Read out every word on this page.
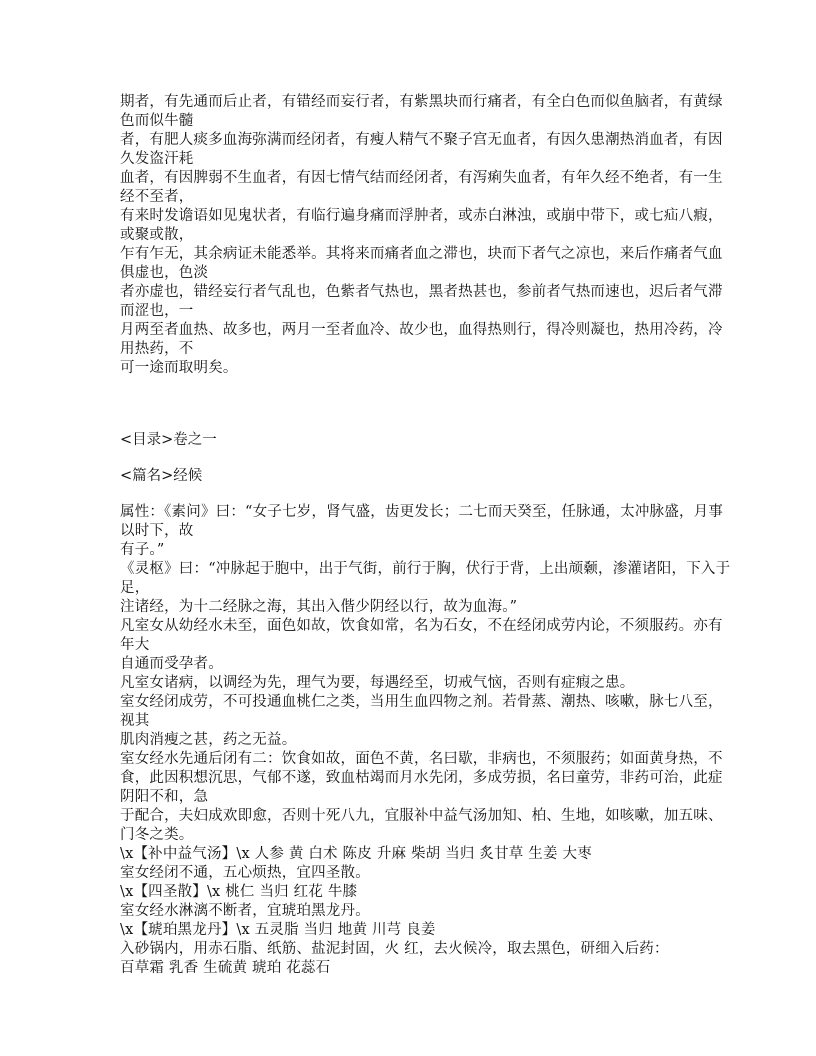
期者，有先通而后止者，有错经而妄行者，有紫黑块而行痛者，有全白色而似鱼脑者，有黄绿
色而似牛髓
者，有肥人痰多血海弥满而经闭者，有瘦人精气不聚子宫无血者，有因久患潮热消血者，有因
久发盗汗耗
血者，有因脾弱不生血者，有因七情气结而经闭者，有泻痢失血者，有年久经不绝者，有一生
经不至者，
有来时发谵语如见鬼状者，有临行遍身痛而浮肿者，或赤白淋浊，或崩中带下，或七疝八瘕，
或聚或散，
乍有乍无，其余病证未能悉举。其将来而痛者血之滞也，块而下者气之凉也，来后作痛者气血
俱虚也，色淡
者亦虚也，错经妄行者气乱也，色紫者气热也，黑者热甚也，参前者气热而速也，迟后者气滞
而涩也，一
月两至者血热、故多也，两月一至者血冷、故少也，血得热则行，得冷则凝也，热用冷药，冷
用热药，不
可一途而取明矣。
<目录>卷之一
<篇名>经候
属性：《素问》曰：“女子七岁，肾气盛，齿更发长；二七而天癸至，任脉通，太冲脉盛，月事
以时下，故
有子。”
《灵枢》曰：“冲脉起于胞中，出于气街，前行于胸，伏行于背，上出颃颡，渗灌诸阳，下入于
足，
注诸经，为十二经脉之海，其出入偕少阴经以行，故为血海。”
凡室女从幼经水未至，面色如故，饮食如常，名为石女，不在经闭成劳内论，不须服药。亦有
年大
自通而受孕者。
凡室女诸病，以调经为先，理气为要，每遇经至，切戒气恼，否则有症瘕之患。
室女经闭成劳，不可投通血桃仁之类，当用生血四物之剂。若骨蒸、潮热、咳嗽，脉七八至，
视其
肌肉消瘦之甚，药之无益。
室女经水先通后闭有二：饮食如故，面色不黄，名曰歇，非病也，不须服药；如面黄身热，不
食，此因积想沉思，气郁不遂，致血枯竭而月水先闭，多成劳损，名曰童劳，非药可治，此症
阴阳不和，急
于配合，夫妇成欢即愈，否则十死八九，宜服补中益气汤加知、柏、生地，如咳嗽，加五味、
门冬之类。
\x【补中益气汤】\x 人参 黄 白术 陈皮 升麻 柴胡 当归 炙甘草 生姜 大枣
室女经闭不通，五心烦热，宜四圣散。
\x【四圣散】\x 桃仁 当归 红花 牛膝
室女经水淋漓不断者，宜琥珀黑龙丹。
\x【琥珀黑龙丹】\x 五灵脂 当归 地黄 川芎 良姜
入砂锅内，用赤石脂、纸筋、盐泥封固，火 红，去火候冷，取去黑色，研细入后药：
百草霜 乳香 生硫黄 琥珀 花蕊石
